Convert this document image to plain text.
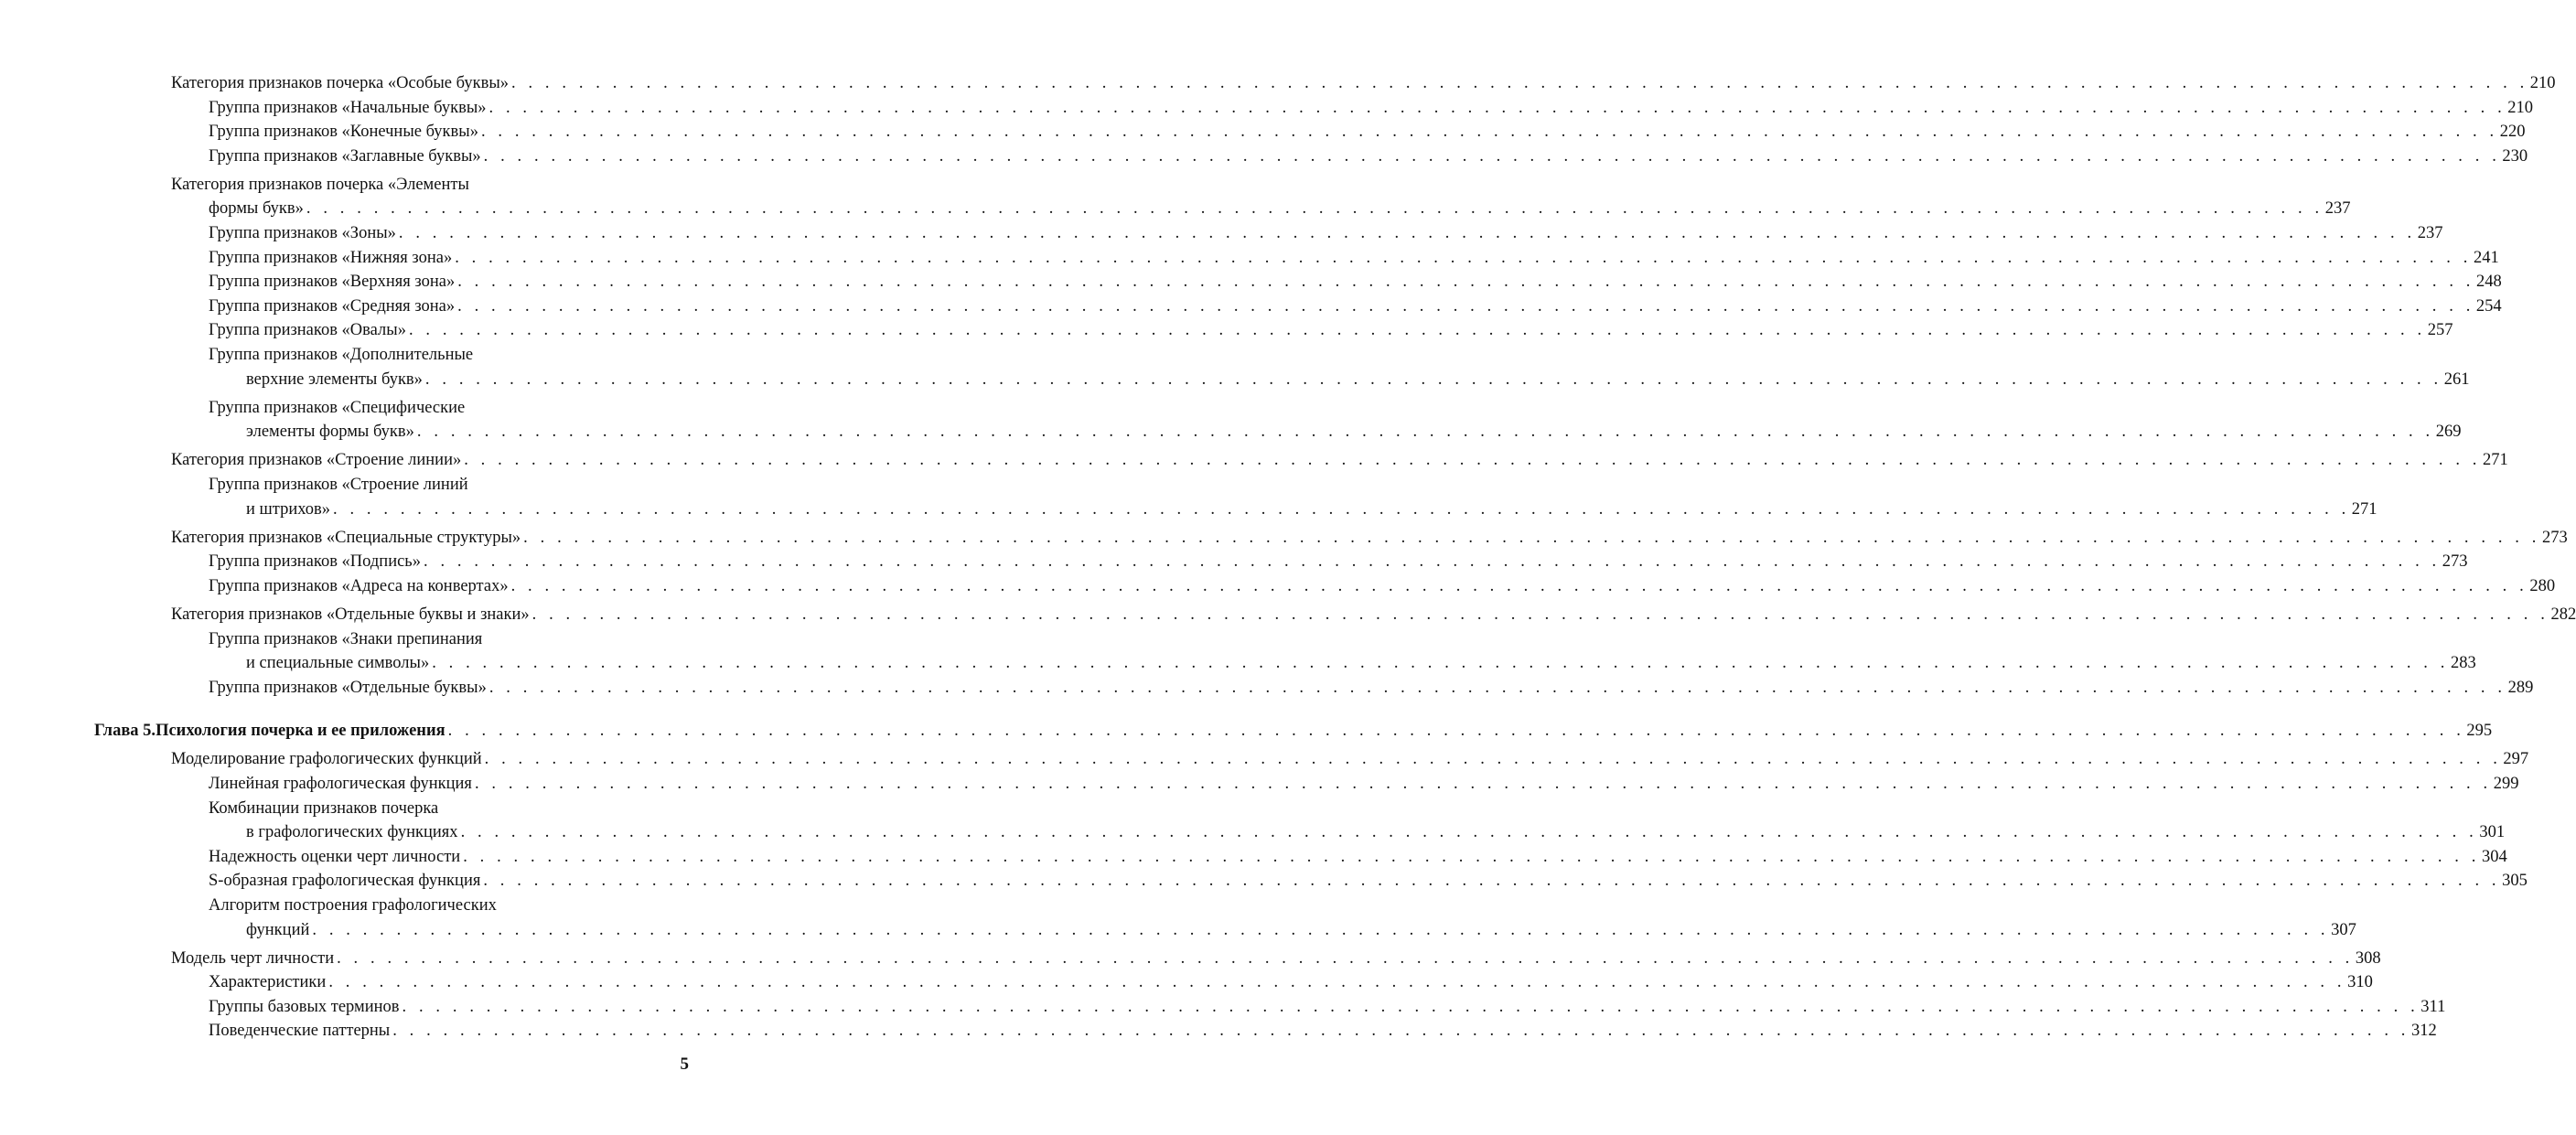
Категория признаков почерка «Особые буквы» . . . . . . . . . . . . . . . . . . . . . . . . . . . . . . . . . . . . . . . . . . . . . . . . . . . . . . . . . . . . . . . . . . . . . . . . . . . . . . . . . . . . . . . . . . . . . . . . . . . . . . . . . . . . . . . . . . . . . . . . 210
Группа признаков «Начальные буквы» . . . . . . . . . . . . . . . . . . . . . . . . . . . . . . . . . . . . . . . . . . . . . . . . . . . . . . . . . . . . . . . . . . . . . . . . . . . . . . . . . . . . . . . . . . . . . . . . . . . . . . . . . . . . . . . . . . . . . . . . 210
Группа признаков «Конечные буквы» . . . . . . . . . . . . . . . . . . . . . . . . . . . . . . . . . . . . . . . . . . . . . . . . . . . . . . . . . . . . . . . . . . . . . . . . . . . . . . . . . . . . . . . . . . . . . . . . . . . . . . . . . . . . . . . . . . . . . . . . 220
Группа признаков «Заглавные буквы» . . . . . . . . . . . . . . . . . . . . . . . . . . . . . . . . . . . . . . . . . . . . . . . . . . . . . . . . . . . . . . . . . . . . . . . . . . . . . . . . . . . . . . . . . . . . . . . . . . . . . . . . . . . . . . . . . . . . . . . . 230
Категория признаков почерка «Элементы
формы букв» . . . . . . . . . . . . . . . . . . . . . . . . . . . . . . . . . . . . . . . . . . . . . . . . . . . . . . . . . . . . . . . . . . . . . . . . . . . . . . . . . . . . . . . . . . . . . . . . . . . . . . . . . . . . . . . . . . . . . . . . 237
Группа признаков «Зоны» . . . . . . . . . . . . . . . . . . . . . . . . . . . . . . . . . . . . . . . . . . . . . . . . . . . . . . . . . . . . . . . . . . . . . . . . . . . . . . . . . . . . . . . . . . . . . . . . . . . . . . . . . . . . . . . . . . . . . . . . 237
Группа признаков «Нижняя зона» . . . . . . . . . . . . . . . . . . . . . . . . . . . . . . . . . . . . . . . . . . . . . . . . . . . . . . . . . . . . . . . . . . . . . . . . . . . . . . . . . . . . . . . . . . . . . . . . . . . . . . . . . . . . . . . . . . . . . . . . 241
Группа признаков «Верхняя зона» . . . . . . . . . . . . . . . . . . . . . . . . . . . . . . . . . . . . . . . . . . . . . . . . . . . . . . . . . . . . . . . . . . . . . . . . . . . . . . . . . . . . . . . . . . . . . . . . . . . . . . . . . . . . . . . . . . . . . . . . 248
Группа признаков «Средняя зона» . . . . . . . . . . . . . . . . . . . . . . . . . . . . . . . . . . . . . . . . . . . . . . . . . . . . . . . . . . . . . . . . . . . . . . . . . . . . . . . . . . . . . . . . . . . . . . . . . . . . . . . . . . . . . . . . . . . . . . . . 254
Группа признаков «Овалы» . . . . . . . . . . . . . . . . . . . . . . . . . . . . . . . . . . . . . . . . . . . . . . . . . . . . . . . . . . . . . . . . . . . . . . . . . . . . . . . . . . . . . . . . . . . . . . . . . . . . . . . . . . . . . . . . . . . . . . . . 257
Группа признаков «Дополнительные
верхние элементы букв» . . . . . . . . . . . . . . . . . . . . . . . . . . . . . . . . . . . . . . . . . . . . . . . . . . . . . . . . . . . . . . . . . . . . . . . . . . . . . . . . . . . . . . . . . . . . . . . . . . . . . . . . . . . . . . . . . . . . . . . . 261
Группа признаков «Специфические
элементы формы букв» . . . . . . . . . . . . . . . . . . . . . . . . . . . . . . . . . . . . . . . . . . . . . . . . . . . . . . . . . . . . . . . . . . . . . . . . . . . . . . . . . . . . . . . . . . . . . . . . . . . . . . . . . . . . . . . . . . . . . . . . 269
Категория признаков «Строение линии» . . . . . . . . . . . . . . . . . . . . . . . . . . . . . . . . . . . . . . . . . . . . . . . . . . . . . . . . . . . . . . . . . . . . . . . . . . . . . . . . . . . . . . . . . . . . . . . . . . . . . . . . . . . . . . . . . . . . . . . . 271
Группа признаков «Строение линий
и штрихов» . . . . . . . . . . . . . . . . . . . . . . . . . . . . . . . . . . . . . . . . . . . . . . . . . . . . . . . . . . . . . . . . . . . . . . . . . . . . . . . . . . . . . . . . . . . . . . . . . . . . . . . . . . . . . . . . . . . . . . . . 271
Категория признаков «Специальные структуры» . . . . . . . . . . . . . . . . . . . . . . . . . . . . . . . . . . . . . . . . . . . . . . . . . . . . . . . . . . . . . . . . . . . . . . . . . . . . . . . . . . . . . . . . . . . . . . . . . . . . . . . . . . . . . . . . . . . . . . . . 273
Группа признаков «Подпись» . . . . . . . . . . . . . . . . . . . . . . . . . . . . . . . . . . . . . . . . . . . . . . . . . . . . . . . . . . . . . . . . . . . . . . . . . . . . . . . . . . . . . . . . . . . . . . . . . . . . . . . . . . . . . . . . . . . . . . . . 273
Группа признаков «Адреса на конвертах» . . . . . . . . . . . . . . . . . . . . . . . . . . . . . . . . . . . . . . . . . . . . . . . . . . . . . . . . . . . . . . . . . . . . . . . . . . . . . . . . . . . . . . . . . . . . . . . . . . . . . . . . . . . . . . . . . . . . . . . . 280
Категория признаков «Отдельные буквы и знаки» . . . . . . . . . . . . . . . . . . . . . . . . . . . . . . . . . . . . . . . . . . . . . . . . . . . . . . . . . . . . . . . . . . . . . . . . . . . . . . . . . . . . . . . . . . . . . . . . . . . . . . . . . . . . . . . . . . . . . . . . 282
Группа признаков «Знаки препинания
и специальные символы» . . . . . . . . . . . . . . . . . . . . . . . . . . . . . . . . . . . . . . . . . . . . . . . . . . . . . . . . . . . . . . . . . . . . . . . . . . . . . . . . . . . . . . . . . . . . . . . . . . . . . . . . . . . . . . . . . . . . . . . . 283
Группа признаков «Отдельные буквы» . . . . . . . . . . . . . . . . . . . . . . . . . . . . . . . . . . . . . . . . . . . . . . . . . . . . . . . . . . . . . . . . . . . . . . . . . . . . . . . . . . . . . . . . . . . . . . . . . . . . . . . . . . . . . . . . . . . . . . . . 289
Глава 5. Психология почерка и ее приложения . . . . . . . . . . . . . . . . . . . . . . . . . . . . . . . . . . . . . . . . . . . . . . . . . . . . . . . . . . . . . . . . . . . . . . . . . . . . . . . . . . . . . . . . . . . . . . . . . . . . . . . . . . . . . . . . . . . . . . . . 295
Моделирование графологических функций . . . . . . . . . . . . . . . . . . . . . . . . . . . . . . . . . . . . . . . . . . . . . . . . . . . . . . . . . . . . . . . . . . . . . . . . . . . . . . . . . . . . . . . . . . . . . . . . . . . . . . . . . . . . . . . . . . . . . . . . 297
Линейная графологическая функция . . . . . . . . . . . . . . . . . . . . . . . . . . . . . . . . . . . . . . . . . . . . . . . . . . . . . . . . . . . . . . . . . . . . . . . . . . . . . . . . . . . . . . . . . . . . . . . . . . . . . . . . . . . . . . . . . . . . . . . . 299
Комбинации признаков почерка
в графологических функциях . . . . . . . . . . . . . . . . . . . . . . . . . . . . . . . . . . . . . . . . . . . . . . . . . . . . . . . . . . . . . . . . . . . . . . . . . . . . . . . . . . . . . . . . . . . . . . . . . . . . . . . . . . . . . . . . . . . . . . . . 301
Надежность оценки черт личности . . . . . . . . . . . . . . . . . . . . . . . . . . . . . . . . . . . . . . . . . . . . . . . . . . . . . . . . . . . . . . . . . . . . . . . . . . . . . . . . . . . . . . . . . . . . . . . . . . . . . . . . . . . . . . . . . . . . . . . . 304
S-образная графологическая функция . . . . . . . . . . . . . . . . . . . . . . . . . . . . . . . . . . . . . . . . . . . . . . . . . . . . . . . . . . . . . . . . . . . . . . . . . . . . . . . . . . . . . . . . . . . . . . . . . . . . . . . . . . . . . . . . . . . . . . . . 305
Алгоритм построения графологических
функций . . . . . . . . . . . . . . . . . . . . . . . . . . . . . . . . . . . . . . . . . . . . . . . . . . . . . . . . . . . . . . . . . . . . . . . . . . . . . . . . . . . . . . . . . . . . . . . . . . . . . . . . . . . . . . . . . . . . . . . . 307
Модель черт личности . . . . . . . . . . . . . . . . . . . . . . . . . . . . . . . . . . . . . . . . . . . . . . . . . . . . . . . . . . . . . . . . . . . . . . . . . . . . . . . . . . . . . . . . . . . . . . . . . . . . . . . . . . . . . . . . . . . . . . . . 308
Характеристики . . . . . . . . . . . . . . . . . . . . . . . . . . . . . . . . . . . . . . . . . . . . . . . . . . . . . . . . . . . . . . . . . . . . . . . . . . . . . . . . . . . . . . . . . . . . . . . . . . . . . . . . . . . . . . . . . . . . . . . . 310
Группы базовых терминов . . . . . . . . . . . . . . . . . . . . . . . . . . . . . . . . . . . . . . . . . . . . . . . . . . . . . . . . . . . . . . . . . . . . . . . . . . . . . . . . . . . . . . . . . . . . . . . . . . . . . . . . . . . . . . . . . . . . . . . . 311
Поведенческие паттерны . . . . . . . . . . . . . . . . . . . . . . . . . . . . . . . . . . . . . . . . . . . . . . . . . . . . . . . . . . . . . . . . . . . . . . . . . . . . . . . . . . . . . . . . . . . . . . . . . . . . . . . . . . . . . . . . . . . . . . . . 312
5
